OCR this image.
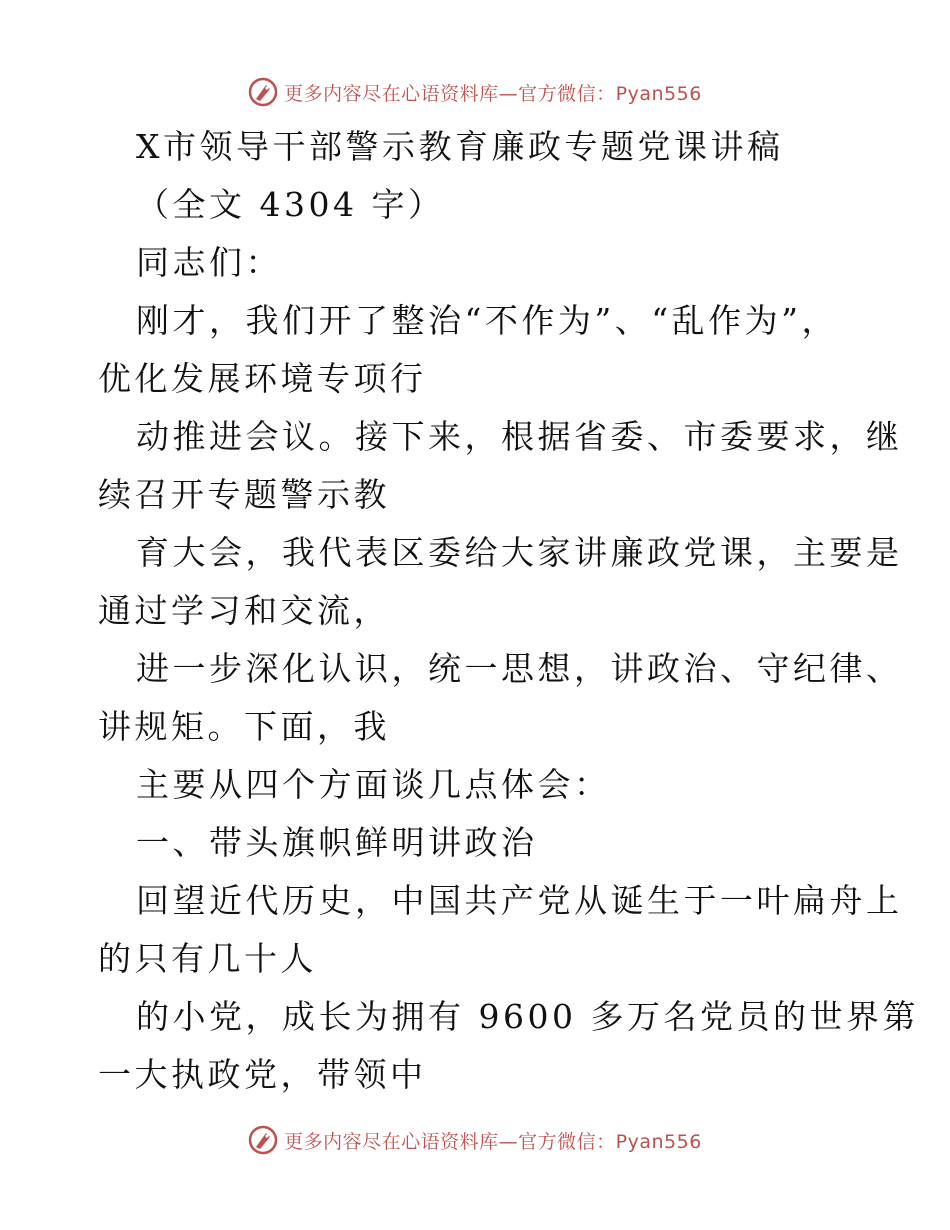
更多内容尽在心语资料库—官方微信：Pyan556
X市领导干部警示教育廉政专题党课讲稿
（全文 4304 字）
同志们：
刚才，我们开了整治“不作为”、“乱作为”，
优化发展环境专项行
动推进会议。接下来，根据省委、市委要求，继
续召开专题警示教
育大会，我代表区委给大家讲廉政党课，主要是
通过学习和交流，
进一步深化认识，统一思想，讲政治、守纪律、
讲规矩。下面，我
主要从四个方面谈几点体会：
一、带头旗帜鲜明讲政治
回望近代历史，中国共产党从诞生于一叶扁舟上
的只有几十人
的小党，成长为拥有 9600 多万名党员的世界第
一大执政党，带领中
更多内容尽在心语资料库—官方微信：Pyan556
